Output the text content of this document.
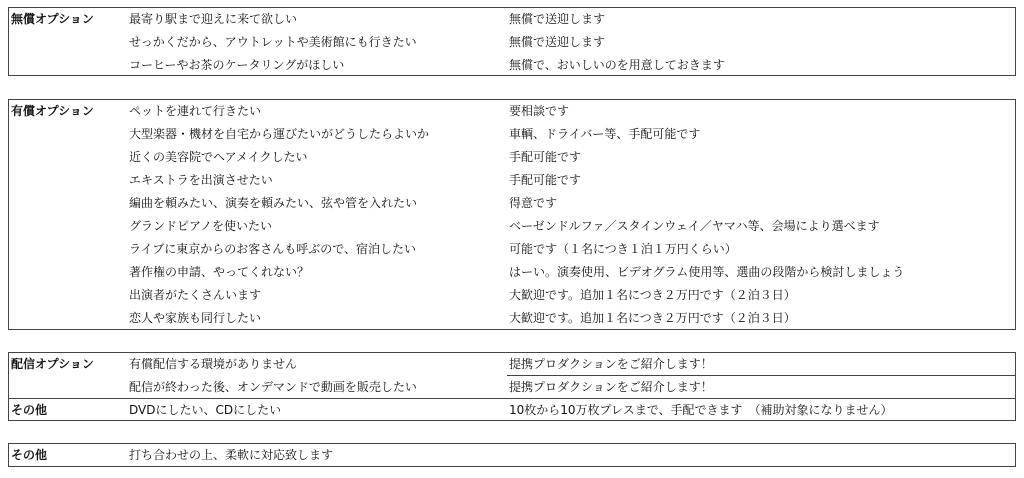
無償オプション	最寄り駅まで迎えに来て欲しい	無償で送迎します
せっかくだから、アウトレットや美術館にも行きたい	無償で送迎します
コーヒーやお茶のケータリングがほしい	無償で、おいしいのを用意しておきます
有償オプション	ペットを連れて行きたい	要相談です
大型楽器・機材を自宅から運びたいがどうしたらよいか	車輌、ドライバー等、手配可能です
近くの美容院でヘアメイクしたい	手配可能です
エキストラを出演させたい	手配可能です
編曲を頼みたい、演奏を頼みたい、弦や管を入れたい	得意です
グランドピアノを使いたい	ベーゼンドルファ／スタインウェイ／ヤマハ等、会場により選べます
ライブに東京からのお客さんも呼ぶので、宿泊したい	可能です（１名につき１泊１万円くらい）
著作権の申請、やってくれない？	はーい。演奏使用、ビデオグラム使用等、選曲の段階から検討しましょう
出演者がたくさんいます	大歓迎です。追加１名につき２万円です（２泊３日）
恋人や家族も同行したい	大歓迎です。追加１名につき２万円です（２泊３日）
配信オプション	有償配信する環境がありません	提携プロダクションをご紹介します！
配信が終わった後、オンデマンドで動画を販売したい	提携プロダクションをご紹介します！
その他	DVDにしたい、CDにしたい	10枚から10万枚プレスまで、手配できます　（補助対象になりません）
その他	打ち合わせの上、柔軟に対応致します
